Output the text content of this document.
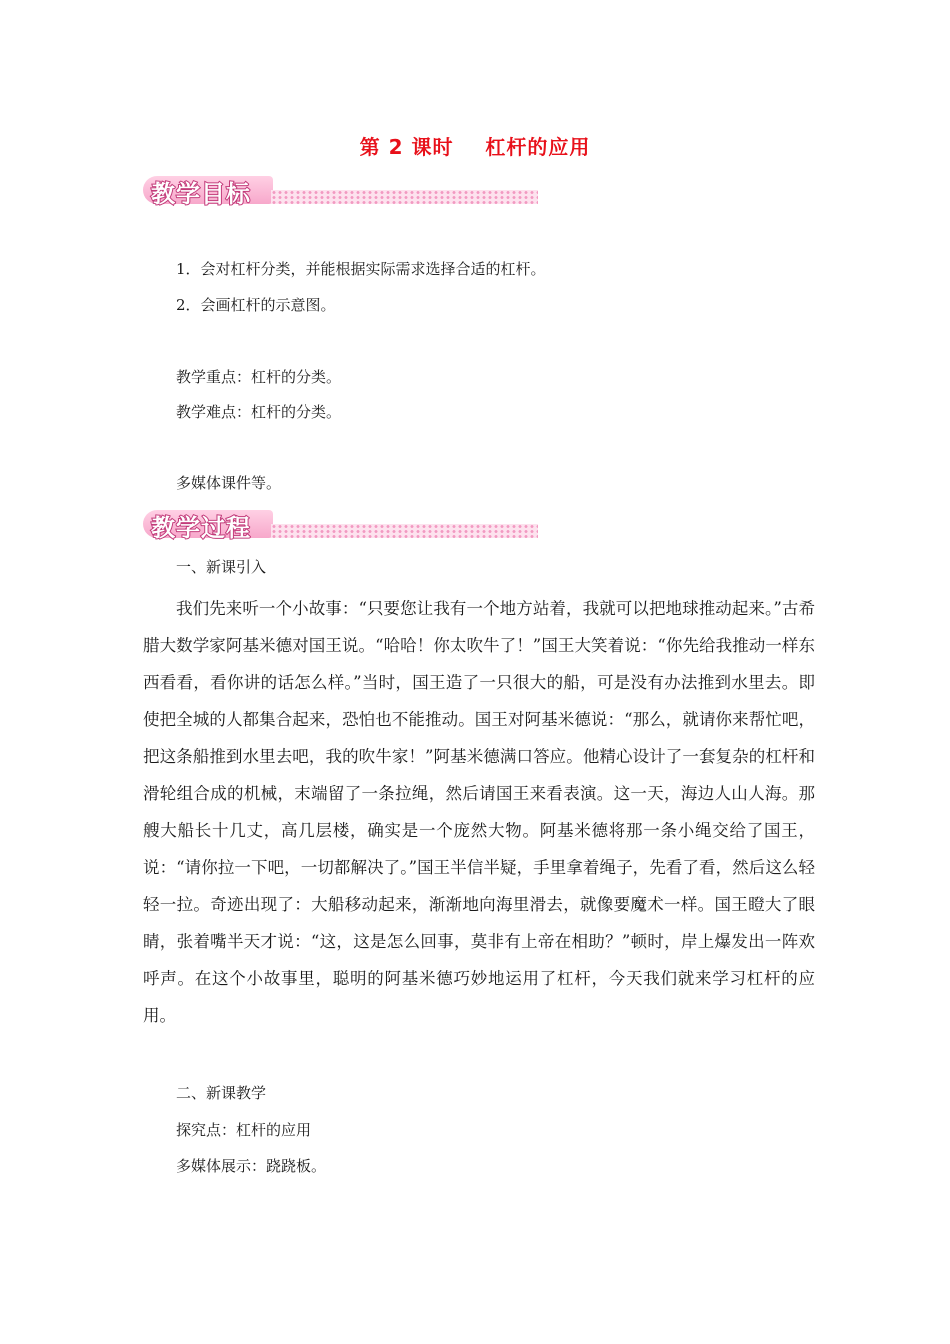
第 2 课时    杠杆的应用
教学目标
1．会对杠杆分类，并能根据实际需求选择合适的杠杆。
2．会画杠杆的示意图。
教学重点：杠杆的分类。
教学难点：杠杆的分类。
多媒体课件等。
教学过程
一、新课引入
我们先来听一个小故事：“只要您让我有一个地方站着，我就可以把地球推动起来。”古希腊大数学家阿基米德对国王说。“哈哈！你太吹牛了！”国王大笑着说：“你先给我推动一样东西看看，看你讲的话怎么样。”当时，国王造了一只很大的船，可是没有办法推到水里去。即使把全城的人都集合起来，恐怕也不能推动。国王对阿基米德说：“那么，就请你来帮忙吧，把这条船推到水里去吧，我的吹牛家！”阿基米德满口答应。他精心设计了一套复杂的杠杆和滑轮组合成的机械，末端留了一条拉绳，然后请国王来看表演。这一天，海边人山人海。那艘大船长十几丈，高几层楼，确实是一个庞然大物。阿基米德将那一条小绳交给了国王，说：“请你拉一下吧，一切都解决了。”国王半信半疑，手里拿着绳子，先看了看，然后这么轻轻一拉。奇迹出现了：大船移动起来，渐渐地向海里滑去，就像要魔术一样。国王瞪大了眼睛，张着嘴半天才说：“这，这是怎么回事，莫非有上帝在相助？”顿时，岸上爆发出一阵欢呼声。在这个小故事里，聪明的阿基米德巧妙地运用了杠杆，今天我们就来学习杠杆的应用。
二、新课教学
探究点：杠杆的应用
多媒体展示：跷跷板。
